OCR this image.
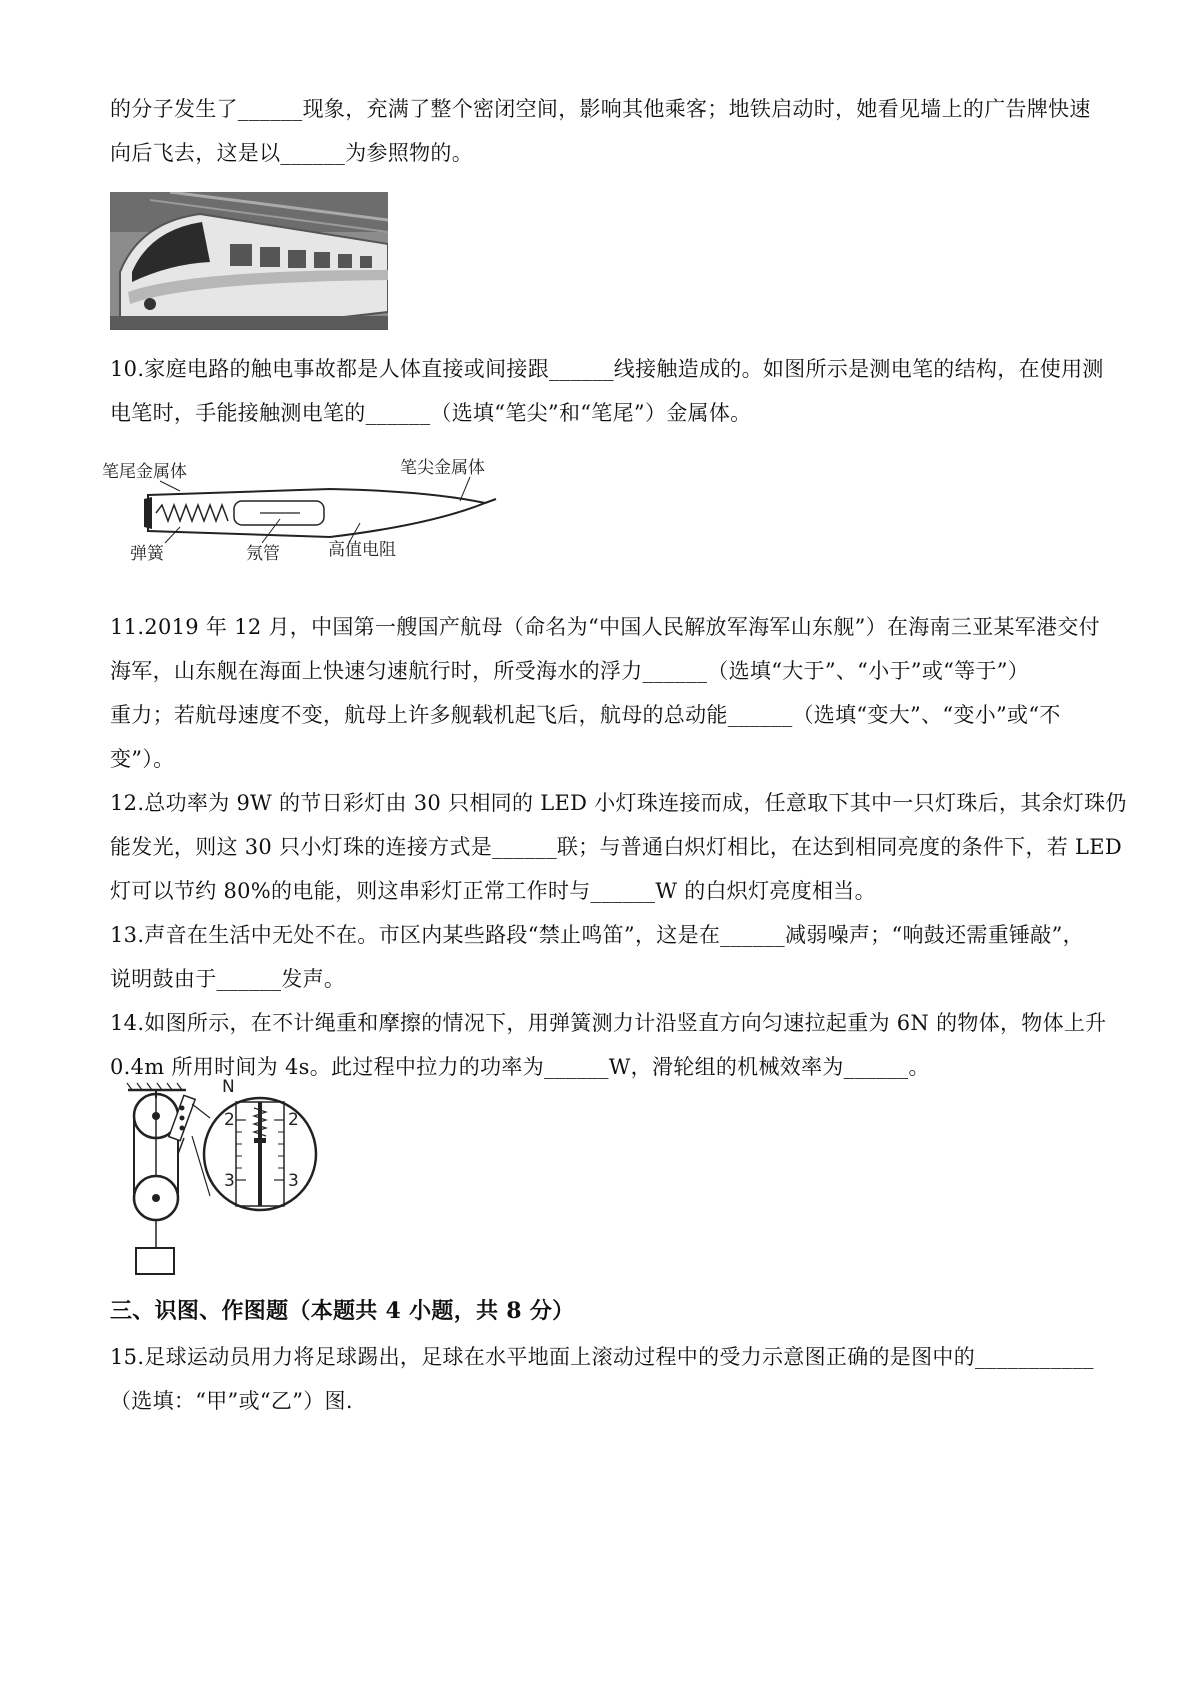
的分子发生了______现象，充满了整个密闭空间，影响其他乘客；地铁启动时，她看见墙上的广告牌快速
向后飞去，这是以______为参照物的。
10.家庭电路的触电事故都是人体直接或间接跟______线接触造成的。如图所示是测电笔的结构，在使用测
电笔时，手能接触测电笔的______（选填“笔尖”和“笔尾”）金属体。
笔尾金属体	笔尖金属体
弹簧	氖管	高值电阻
11.2019 年 12 月，中国第一艘国产航母（命名为“中国人民解放军海军山东舰”）在海南三亚某军港交付
海军，山东舰在海面上快速匀速航行时，所受海水的浮力______（选填“大于”、“小于”或“等于”）
重力；若航母速度不变，航母上许多舰载机起飞后，航母的总动能______（选填“变大”、“变小”或“不
变”）。
12.总功率为 9W 的节日彩灯由 30 只相同的 LED 小灯珠连接而成，任意取下其中一只灯珠后，其余灯珠仍
能发光，则这 30 只小灯珠的连接方式是______联；与普通白炽灯相比，在达到相同亮度的条件下，若 LED
灯可以节约 80%的电能，则这串彩灯正常工作时与______W 的白炽灯亮度相当。
13.声音在生活中无处不在。市区内某些路段“禁止鸣笛”，这是在______减弱噪声；“响鼓还需重锤敲”，
说明鼓由于______发声。
14.如图所示，在不计绳重和摩擦的情况下，用弹簧测力计沿竖直方向匀速拉起重为 6N 的物体，物体上升
0.4m 所用时间为 4s。此过程中拉力的功率为______W，滑轮组的机械效率为______。
N
2
3
2
3
三、识图、作图题（本题共 4 小题，共 8 分）
15.足球运动员用力将足球踢出，足球在水平地面上滚动过程中的受力示意图正确的是图中的___________
（选填：“甲”或“乙”）图.
